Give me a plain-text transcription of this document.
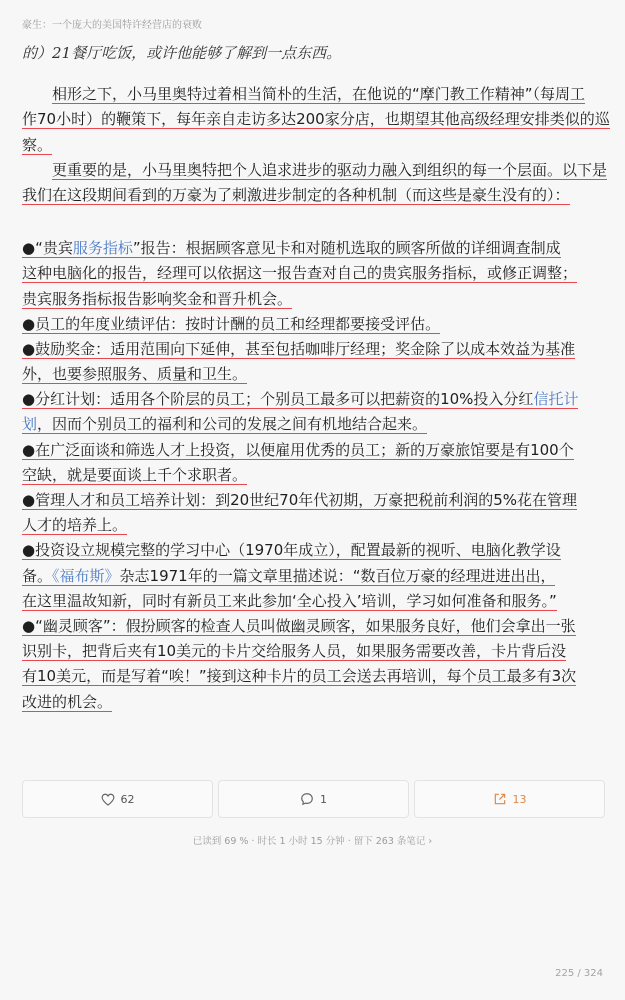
豪生：一个庞大的美国特许经营店的衰败
的）21餐厅吃饭，或许他能够了解到一点东西。
相形之下，小马里奥特过着相当简朴的生活，在他说的“摩门教工作精神”（每周工
作70小时）的鞭策下，每年亲自走访多达200家分店，也期望其他高级经理安排类似的巡
察。
更重要的是，小马里奥特把个人追求进步的驱动力融入到组织的每一个层面。以下是
我们在这段期间看到的万豪为了刺激进步制定的各种机制（而这些是豪生没有的）：
●“贵宾服务指标”报告：根据顾客意见卡和对随机选取的顾客所做的详细调查制成
这种电脑化的报告，经理可以依据这一报告查对自己的贵宾服务指标，或修正调整；
贵宾服务指标报告影响奖金和晋升机会。
●员工的年度业绩评估：按时计酬的员工和经理都要接受评估。
●鼓励奖金：适用范围向下延伸，甚至包括咖啡厅经理；奖金除了以成本效益为基准
外，也要参照服务、质量和卫生。
●分红计划：适用各个阶层的员工；个别员工最多可以把薪资的10%投入分红信托计
划，因而个别员工的福利和公司的发展之间有机地结合起来。
●在广泛面谈和筛选人才上投资，以便雇用优秀的员工；新的万豪旅馆要是有100个
空缺，就是要面谈上千个求职者。
●管理人才和员工培养计划：到20世纪70年代初期，万豪把税前利润的5%花在管理
人才的培养上。
●投资设立规模完整的学习中心（1970年成立），配置最新的视听、电脑化教学设
备。《福布斯》杂志1971年的一篇文章里描述说：“数百位万豪的经理进进出出，
在这里温故知新，同时有新员工来此参加‘全心投入’培训，学习如何准备和服务。”
●“幽灵顾客”：假扮顾客的检查人员叫做幽灵顾客，如果服务良好，他们会拿出一张
识别卡，把背后夹有10美元的卡片交给服务人员，如果服务需要改善，卡片背后没
有10美元，而是写着“唉！”接到这种卡片的员工会送去再培训，每个员工最多有3次
改进的机会。
62	1	13
已读到 69 % · 时长 1 小时 15 分钟 · 留下 263 条笔记 ›
225 / 324
